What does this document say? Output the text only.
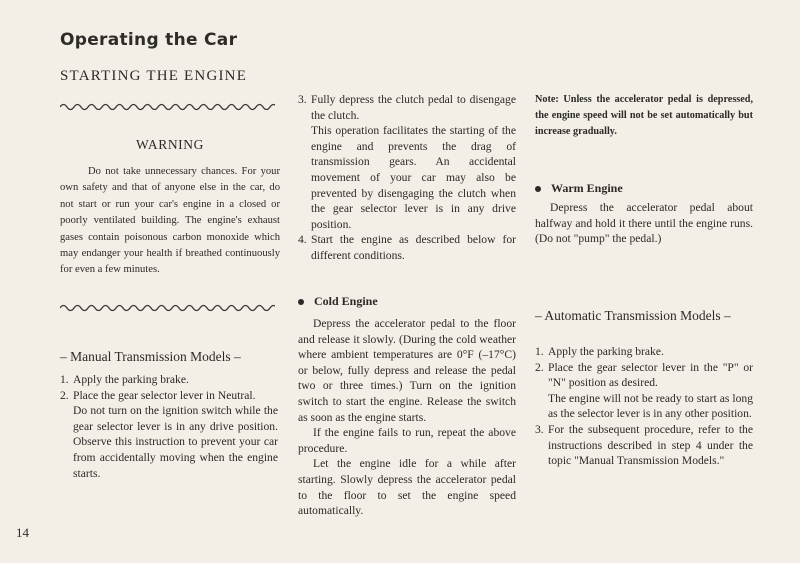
Operating the Car
STARTING THE ENGINE
WARNING
Do not take unnecessary chances. For your own safety and that of anyone else in the car, do not start or run your car's engine in a closed or poorly ventilated building. The engine's exhaust gases contain poisonous carbon monoxide which may endanger your health if breathed continuously for even a few minutes.
– Manual Transmission Models –
1. Apply the parking brake.

2. Place the gear selector lever in Neutral.

Do not turn on the ignition switch while the gear selector lever is in any drive position. Observe this instruction to prevent your car from accidentally moving when the engine starts.

3. Fully depress the clutch pedal to disengage the clutch.

This operation facilitates the starting of the engine and prevents the drag of transmission gears. An accidental movement of your car may also be prevented by disengaging the clutch when the gear selector lever is in any drive position.

4. Start the engine as described below for different conditions.

Cold Engine

Depress the accelerator pedal to the floor and release it slowly. (During the cold weather where ambient temperatures are 0°F (–17°C) or below, fully depress and release the pedal two or three times.) Turn on the ignition switch to start the engine. Release the switch as soon as the engine starts.
If the engine fails to run, repeat the above procedure.
Let the engine idle for a while after starting. Slowly depress the accelerator pedal to the floor to set the engine speed automatically.

Note: Unless the accelerator pedal is depressed, the engine speed will not be set automatically but increase gradually.
Warm Engine

Depress the accelerator pedal about halfway and hold it there until the engine runs. (Do not "pump" the pedal.)

– Automatic Transmission Models –
1. Apply the parking brake.

2. Place the gear selector lever in the "P" or "N" position as desired.

The engine will not be ready to start as long as the selector lever is in any other position.

3. For the subsequent procedure, refer to the instructions described in step 4 under the topic "Manual Transmission Models."

14
